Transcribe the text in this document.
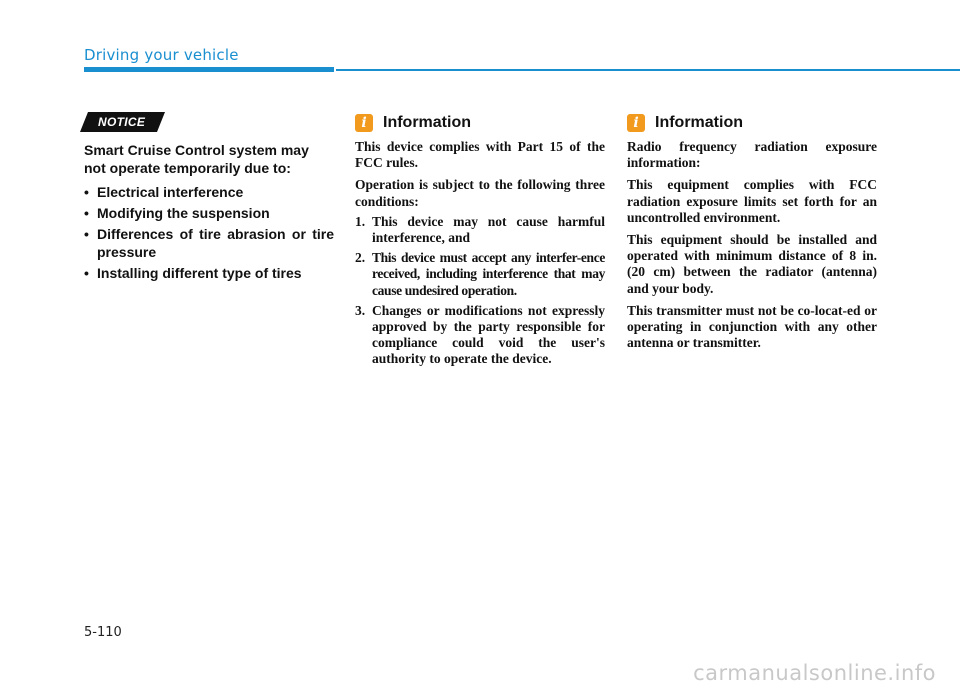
Driving your vehicle
NOTICE
Smart Cruise Control system may not operate temporarily due to:
• Electrical interference
• Modifying the suspension
• Differences of tire abrasion or tire pressure
• Installing different type of tires
i	Information

This device complies with Part 15 of the FCC rules.

Operation is subject to the following three conditions:

1. This device may not cause harmful interference, and
2. This device must accept any interfer-ence received, including interference that may cause undesired operation.
3. Changes or modifications not expressly approved by the party responsible for compliance could void the user's authority to operate the device.
i	Information

Radio frequency radiation exposure information:

This equipment complies with FCC radiation exposure limits set forth for an uncontrolled environment.

This equipment should be installed and operated with minimum distance of 8 in. (20 cm) between the radiator (antenna) and your body.

This transmitter must not be co-locat-ed or operating in conjunction with any other antenna or transmitter.

5-110
carmanualsonline.info
